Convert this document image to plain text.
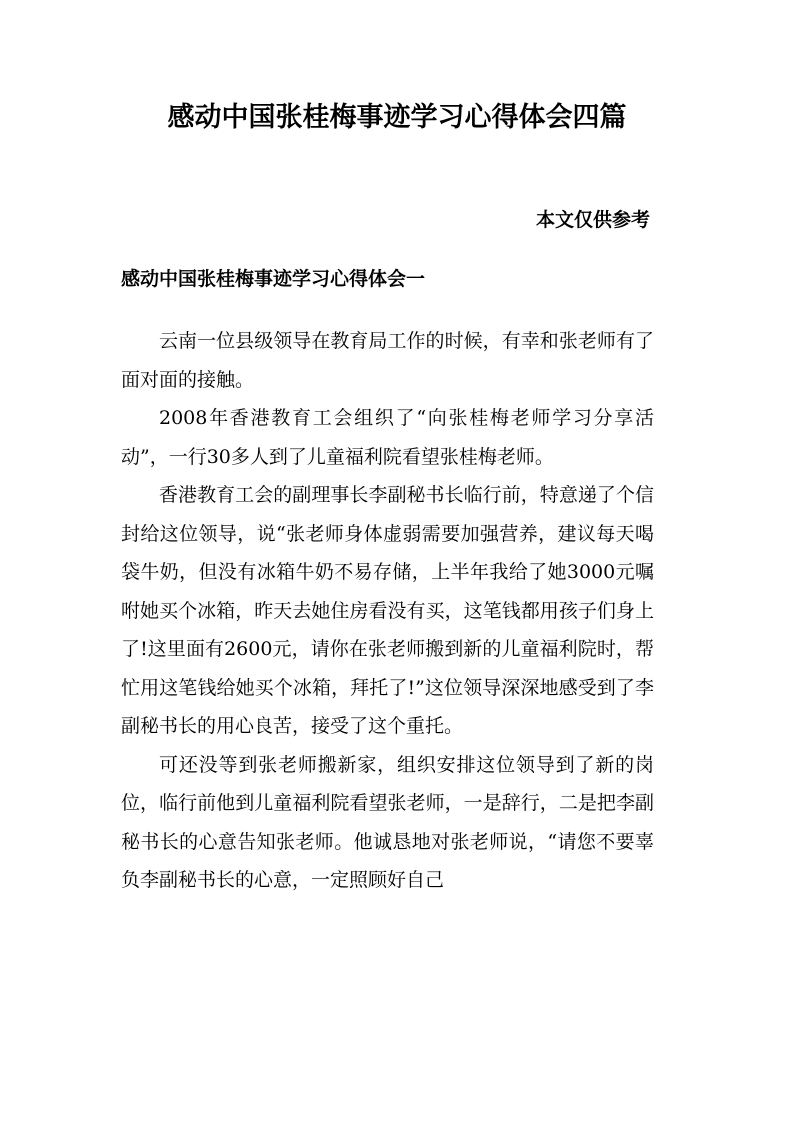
感动中国张桂梅事迹学习心得体会四篇

本文仅供参考

感动中国张桂梅事迹学习心得体会一

云南一位县级领导在教育局工作的时候，有幸和张老师有了面对面的接触。

2008年香港教育工会组织了“向张桂梅老师学习分享活动”，一行30多人到了儿童福利院看望张桂梅老师。

香港教育工会的副理事长李副秘书长临行前，特意递了个信封给这位领导，说“张老师身体虚弱需要加强营养，建议每天喝袋牛奶，但没有冰箱牛奶不易存储，上半年我给了她3000元嘱咐她买个冰箱，昨天去她住房看没有买，这笔钱都用孩子们身上了!这里面有2600元，请你在张老师搬到新的儿童福利院时，帮忙用这笔钱给她买个冰箱，拜托了!”这位领导深深地感受到了李副秘书长的用心良苦，接受了这个重托。

可还没等到张老师搬新家，组织安排这位领导到了新的岗位，临行前他到儿童福利院看望张老师，一是辞行，二是把李副秘书长的心意告知张老师。他诚恳地对张老师说，“请您不要辜负李副秘书长的心意，一定照顾好自己
